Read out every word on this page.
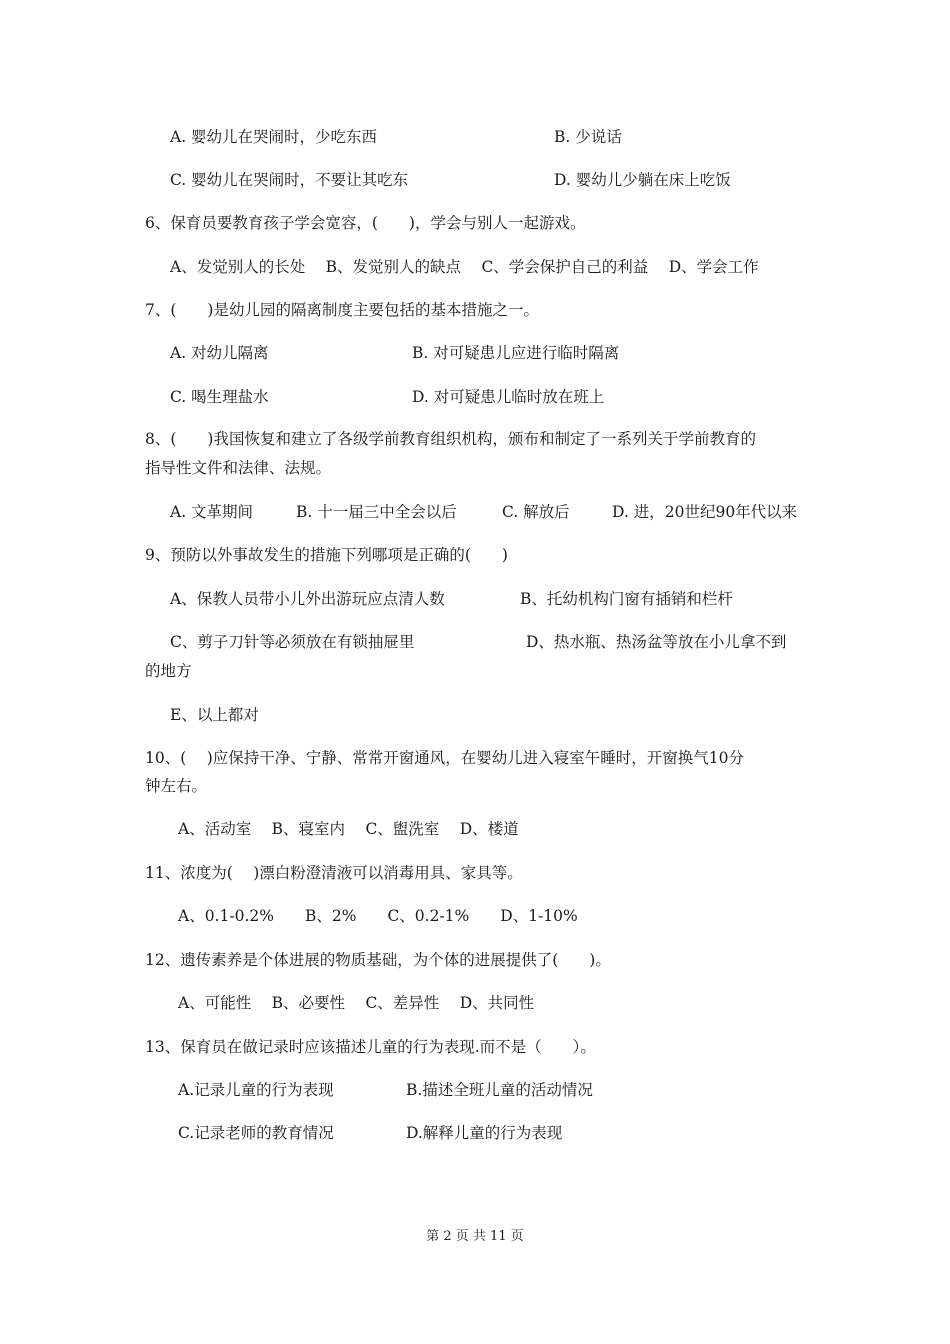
A. 婴幼儿在哭闹时，少吃东西	B. 少说话
C. 婴幼儿在哭闹时，不要让其吃东	D. 婴幼儿少躺在床上吃饭
6、保育员要教育孩子学会宽容，(　　)，学会与别人一起游戏。
A、发觉别人的长处　 B、发觉别人的缺点　 C、学会保护自己的利益　 D、学会工作
7、(　　)是幼儿园的隔离制度主要包括的基本措施之一。
A. 对幼儿隔离	B. 对可疑患儿应进行临时隔离
C. 喝生理盐水	D. 对可疑患儿临时放在班上
8、(　　)我国恢复和建立了各级学前教育组织机构，颁布和制定了一系列关于学前教育的
指导性文件和法律、法规。
A. 文革期间	B. 十一届三中全会以后	C. 解放后	D. 进，20世纪90年代以来
9、预防以外事故发生的措施下列哪项是正确的(　　)
A、保教人员带小儿外出游玩应点清人数	B、托幼机构门窗有插销和栏杆
C、剪子刀针等必须放在有锁抽屉里	D、热水瓶、热汤盆等放在小儿拿不到
的地方
E、以上都对
10、(　 )应保持干净、宁静、常常开窗通风，在婴幼儿进入寝室午睡时，开窗换气10分
钟左右。
A、活动室　 B、寝室内　 C、盥洗室　 D、楼道
11、浓度为(　 )漂白粉澄清液可以消毒用具、家具等。
A、0.1-0.2%　　B、2%　　C、0.2-1%　　D、1-10%
12、遗传素养是个体进展的物质基础，为个体的进展提供了(　　)。
A、可能性　 B、必要性　 C、差异性　 D、共同性
13、保育员在做记录时应该描述儿童的行为表现.而不是（　　）。
A.记录儿童的行为表现	B.描述全班儿童的活动情况
C.记录老师的教育情况	D.解释儿童的行为表现
第 2 页 共 11 页
